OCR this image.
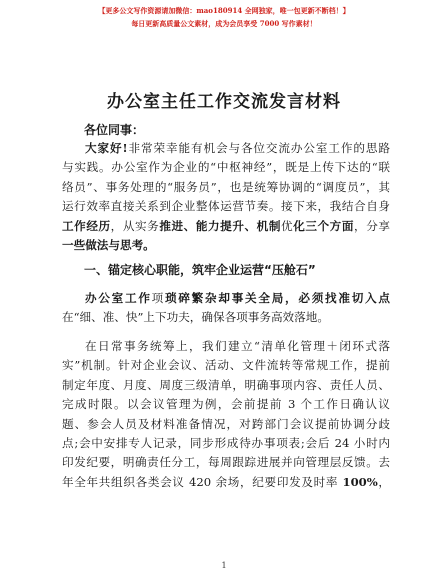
【更多公文写作资源请加微信：mao180914 全网独家，唯一包更新不断档！】
每日更新高质量公文素材，成为会员享受 7000 写作素材！
办公室主任工作交流发言材料
各位同事：

大家好!非常荣幸能有机会与各位交流办公室工作的思路

与实践。办公室作为企业的“中枢神经”，既是上传下达的“联

络员”、事务处理的“服务员”，也是统筹协调的“调度员”，其

运行效率直接关系到企业整体运营节奏。接下来，我结合自身

工作经历，从实务推进、能力提升、机制优化三个方面，分享

一些做法与思考。

一、锚定核心职能，筑牢企业运营“压舱石”

办公室工作项琐碎繁杂却事关全局，必须找准切入点

在“细、准、快”上下功夫，确保各项事务高效落地。

在日常事务统筹上，我们建立“清单化管理＋闭环式落

实”机制。针对企业会议、活动、文件流转等常规工作，提前

制定年度、月度、周度三级清单，明确事项内容、责任人员、

完成时限。以会议管理为例，会前提前 3 个工作日确认议

题、参会人员及材料准备情况，对跨部门会议提前协调分歧

点;会中安排专人记录，同步形成待办事项表;会后 24 小时内

印发纪要，明确责任分工，每周跟踪进展并向管理层反馈。去

年全年共组织各类会议 420 余场，纪要印发及时率 100%，

1
